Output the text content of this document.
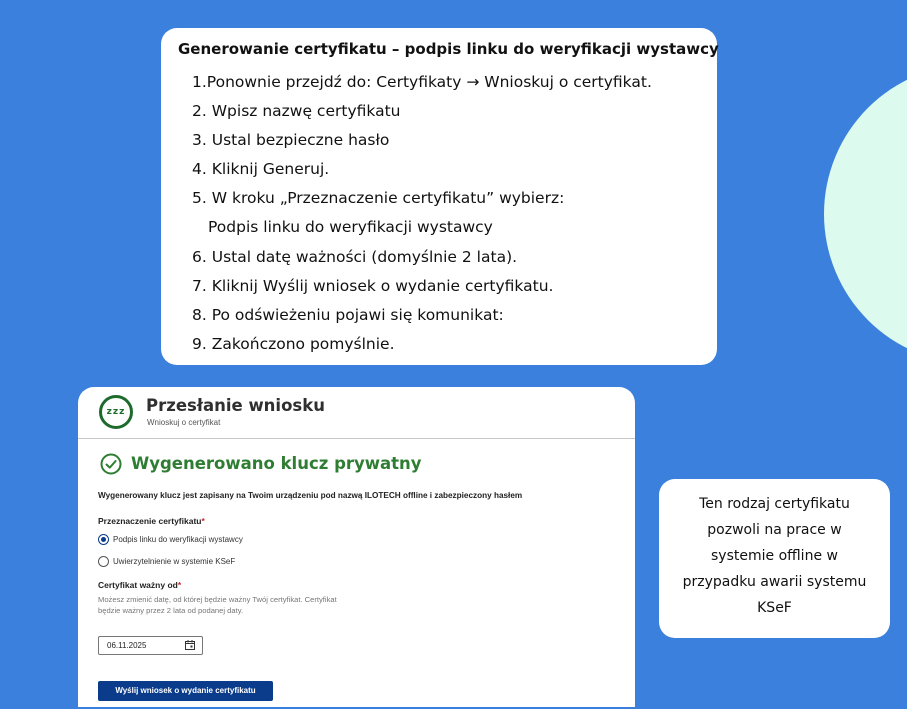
Generowanie certyfikatu – podpis linku do weryfikacji wystawcy
1.Ponownie przejdź do: Certyfikaty → Wnioskuj o certyfikat.
2. Wpisz nazwę certyfikatu
3. Ustal bezpieczne hasło
4. Kliknij Generuj.
5. W kroku „Przeznaczenie certyfikatu” wybierz:
Podpis linku do weryfikacji wystawcy
6. Ustal datę ważności (domyślnie 2 lata).
7. Kliknij Wyślij wniosek o wydanie certyfikatu.
8. Po odświeżeniu pojawi się komunikat:
9. Zakończono pomyślnie.
zzz	Przesłanie wniosku
Wnioskuj o certyfikat
Wygenerowano klucz prywatny
Wygenerowany klucz jest zapisany na Twoim urządzeniu pod nazwą ILOTECH offline i zabezpieczony hasłem
Przeznaczenie certyfikatu*
Podpis linku do weryfikacji wystawcy
Uwierzytelnienie w systemie KSeF
Certyfikat ważny od*
Możesz zmienić datę, od której będzie ważny Twój certyfikat. Certyfikat będzie ważny przez 2 lata od podanej daty.
06.11.2025
Wyślij wniosek o wydanie certyfikatu
Ten rodzaj certyfikatu
pozwoli na prace w
systemie offline w
przypadku awarii systemu
KSeF
